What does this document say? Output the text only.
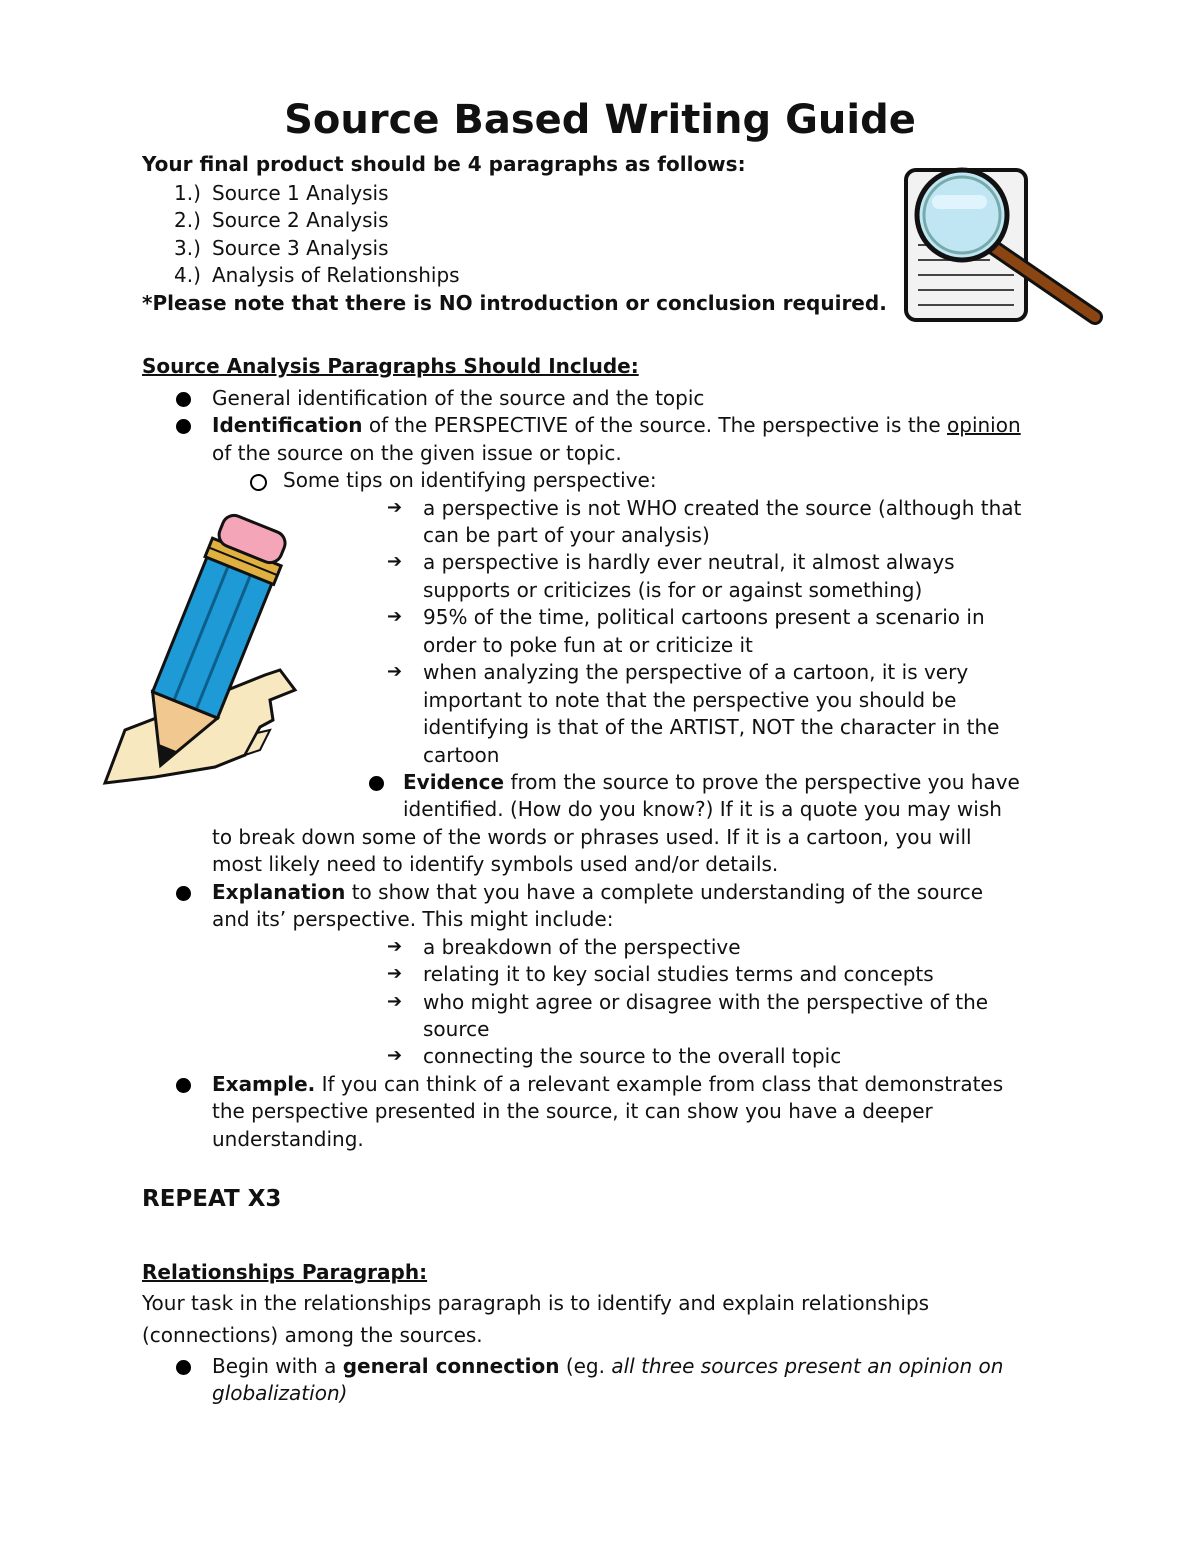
Source Based Writing Guide
Your final product should be 4 paragraphs as follows:
1.) Source 1 Analysis
2.) Source 2 Analysis
3.) Source 3 Analysis
4.) Analysis of Relationships
*Please note that there is NO introduction or conclusion required.
Source Analysis Paragraphs Should Include:
General identification of the source and the topic
Identification of the PERSPECTIVE of the source. The perspective is the opinion
of the source on the given issue or topic.
Some tips on identifying perspective:
➔ a perspective is not WHO created the source (although that
can be part of your analysis)
➔ a perspective is hardly ever neutral, it almost always
supports or criticizes (is for or against something)
➔ 95% of the time, political cartoons present a scenario in
order to poke fun at or criticize it
➔ when analyzing the perspective of a cartoon, it is very
important to note that the perspective you should be
identifying is that of the ARTIST, NOT the character in the
cartoon
Evidence from the source to prove the perspective you have
identified. (How do you know?) If it is a quote you may wish
to break down some of the words or phrases used. If it is a cartoon, you will
most likely need to identify symbols used and/or details.
Explanation to show that you have a complete understanding of the source
and its’ perspective. This might include:
➔ a breakdown of the perspective
➔ relating it to key social studies terms and concepts
➔ who might agree or disagree with the perspective of the
source
➔ connecting the source to the overall topic
Example. If you can think of a relevant example from class that demonstrates
the perspective presented in the source, it can show you have a deeper
understanding.
REPEAT X3
Relationships Paragraph:
Your task in the relationships paragraph is to identify and explain relationships
(connections) among the sources.
Begin with a general connection (eg. all three sources present an opinion on
globalization)
